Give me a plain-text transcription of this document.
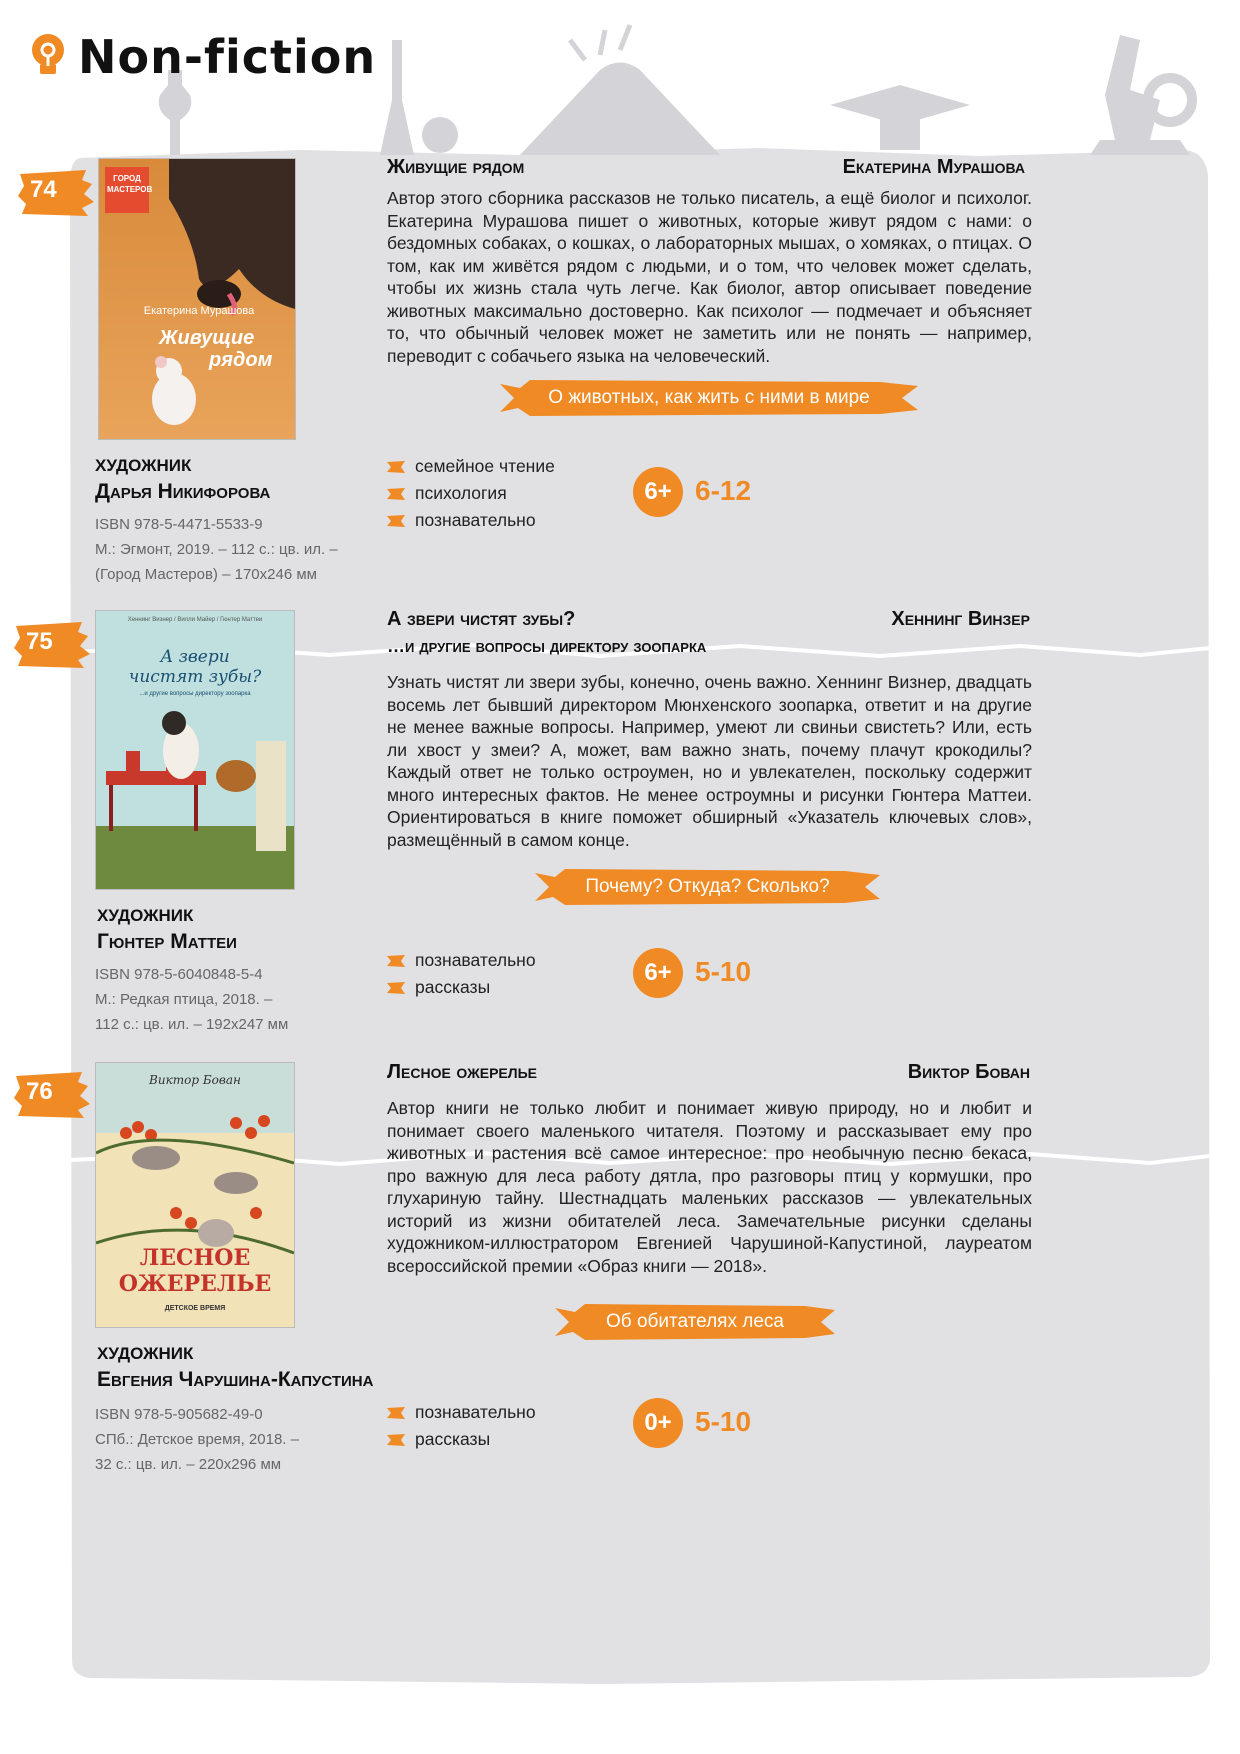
Non-fiction
74	ГОРОД МАСТЕРОВ
Екатерина Мурашова
Живущие
рядом
Живущие рядом	Екатерина Мурашова
Автор этого сборника рассказов не только писатель, а ещё биолог и психолог. Екатерина Мурашова пишет о животных, которые живут рядом с нами: о бездомных собаках, о кошках, о лабораторных мышах, о хомяках, о птицах. О том, как им живётся рядом с людьми, и о том, что человек может сделать, чтобы их жизнь стала чуть легче. Как биолог, автор описывает поведение животных максимально достоверно. Как психолог — подмечает и объясняет то, что обычный человек может не заметить или не понять — например, переводит с собачьего языка на человеческий.
О животных, как жить с ними в мире
ХУДОЖНИК
Дарья Никифорова
ISBN 978-5-4471-5533-9
М.: Эгмонт, 2019. – 112 с.: цв. ил. –
(Город Мастеров) – 170х246 мм
семейное чтение
психология
познавательно
6+ 6-12
75
Хеннинг Визнер / Вилли Майер / Гюнтер Маттеи
А звери
чистят зубы?
...и другие вопросы директору зоопарка
А звери чистят зубы?
…и другие вопросы директору зоопарка
Хеннинг Винзер
Узнать чистят ли звери зубы, конечно, очень важно. Хеннинг Визнер, двадцать восемь лет бывший директором Мюнхенского зоопарка, ответит и на другие не менее важные вопросы. Например, умеют ли свиньи свистеть? Или, есть ли хвост у змеи? А, может, вам важно знать, почему плачут крокодилы? Каждый ответ не только остроумен, но и увлекателен, поскольку содержит много интересных фактов. Не менее остроумны и рисунки Гюнтера Маттеи. Ориентироваться в книге поможет обширный «Указатель ключевых слов», размещённый в самом конце.
Почему? Откуда? Сколько?
ХУДОЖНИК
Гюнтер Маттеи
ISBN 978-5-6040848-5-4
М.: Редкая птица, 2018. –
112 с.: цв. ил. – 192х247 мм
познавательно
рассказы
6+ 5-10
76	Виктор Бован
ЛЕСНОЕ
ОЖЕРЕЛЬЕ
ДЕТСКОЕ ВРЕМЯ
Лесное ожерелье	Виктор Бован
Автор книги не только любит и понимает живую природу, но и любит и понимает своего маленького читателя. Поэтому и рассказывает ему про животных и растения всё самое интересное: про необычную песню бекаса, про важную для леса работу дятла, про разговоры птиц у кормушки, про глухариную тайну. Шестнадцать маленьких рассказов — увлекательных историй из жизни обитателей леса. Замечательные рисунки сделаны художником-иллюстратором Евгенией Чарушиной-Капустиной, лауреатом всероссийской премии «Образ книги — 2018».
Об обитателях леса
ХУДОЖНИК
Евгения Чарушина-Капустина
ISBN 978-5-905682-49-0
СПб.: Детское время, 2018. –
32 с.: цв. ил. – 220х296 мм
познавательно
рассказы
0+ 5-10
